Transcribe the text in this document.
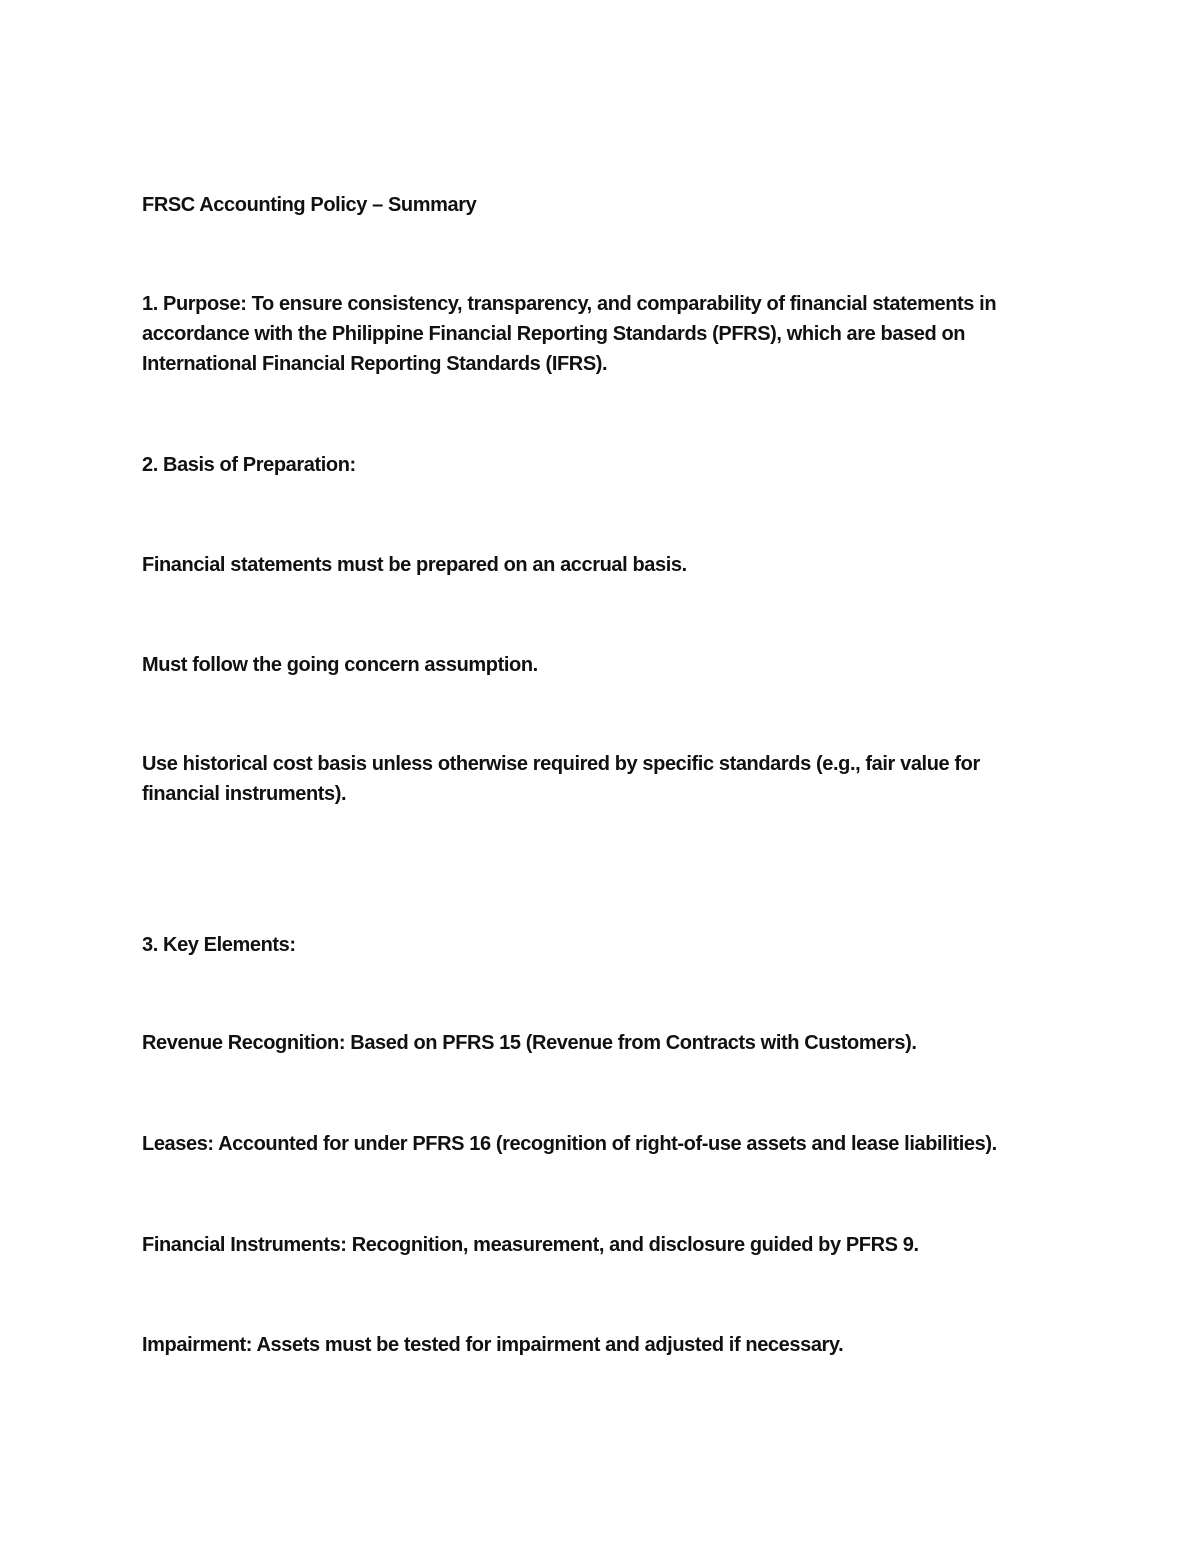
FRSC Accounting Policy – Summary
1. Purpose: To ensure consistency, transparency, and comparability of financial statements in accordance with the Philippine Financial Reporting Standards (PFRS), which are based on International Financial Reporting Standards (IFRS).
2. Basis of Preparation:
Financial statements must be prepared on an accrual basis.
Must follow the going concern assumption.
Use historical cost basis unless otherwise required by specific standards (e.g., fair value for financial instruments).
3. Key Elements:
Revenue Recognition: Based on PFRS 15 (Revenue from Contracts with Customers).
Leases: Accounted for under PFRS 16 (recognition of right-of-use assets and lease liabilities).
Financial Instruments: Recognition, measurement, and disclosure guided by PFRS 9.
Impairment: Assets must be tested for impairment and adjusted if necessary.
